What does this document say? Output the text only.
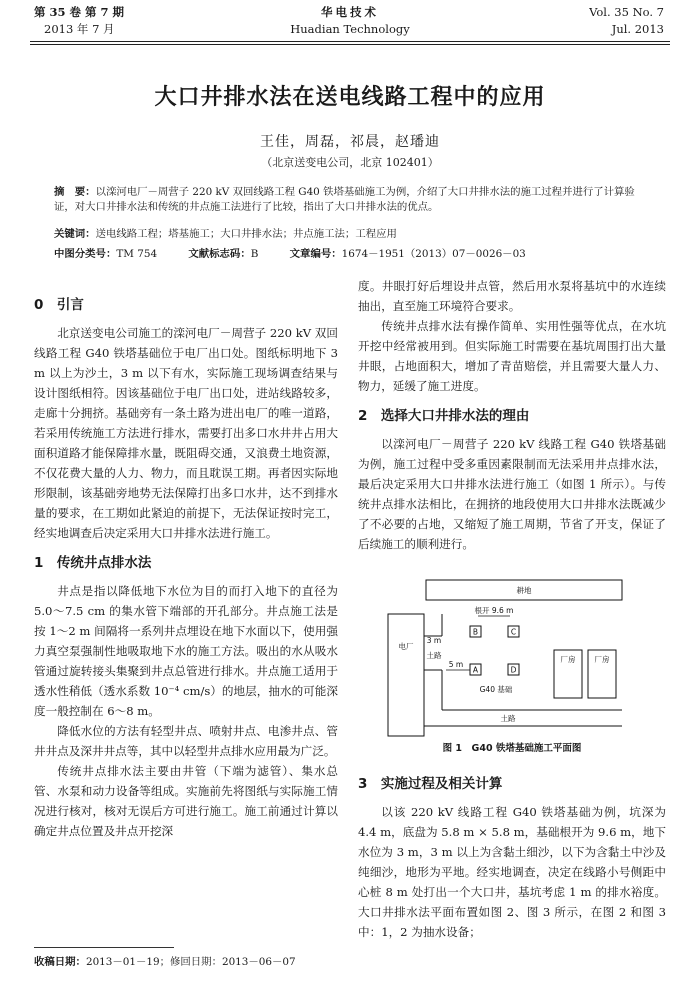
第 35 卷 第 7 期
2013 年 7 月
华电技术
Huadian Technology
Vol. 35 No. 7
Jul. 2013
大口井排水法在送电线路工程中的应用
王佳，周磊，祁晨，赵璠迪
（北京送变电公司，北京 102401）
摘　要：以滦河电厂－周营子 220 kV 双回线路工程 G40 铁塔基础施工为例，介绍了大口井排水法的施工过程并进行了计算验证，对大口井排水法和传统的井点施工法进行了比较，指出了大口井排水法的优点。
关键词：送电线路工程；塔基施工；大口井排水法；井点施工法；工程应用
中图分类号：TM 754	文献标志码：B	文章编号：1674－1951（2013）07－0026－03
0　引言

北京送变电公司施工的滦河电厂－周营子 220 kV 双回线路工程 G40 铁塔基础位于电厂出口处。图纸标明地下 3 m 以上为沙土，3 m 以下有水，实际施工现场调查结果与设计图纸相符。因该基础位于电厂出口处，进站线路较多，走廊十分拥挤。基础旁有一条土路为进出电厂的唯一道路，若采用传统施工方法进行排水，需要打出多口水井井占用大面积道路才能保障排水量，既阻碍交通，又浪费土地资源，不仅花费大量的人力、物力，而且耽误工期。再者因实际地形限制，该基础旁地势无法保障打出多口水井，达不到排水量的要求，在工期如此紧迫的前提下，无法保证按时完工，经实地调查后决定采用大口井排水法进行施工。

1　传统井点排水法

井点是指以降低地下水位为目的而打入地下的直径为 5.0～7.5 cm 的集水管下端部的开孔部分。井点施工法是按 1～2 m 间隔将一系列井点埋设在地下水面以下，使用强力真空泵强制性地吸取地下水的施工方法。吸出的水从吸水管通过旋转接头集聚到井点总管进行排水。井点施工适用于透水性稍低（透水系数 10⁻⁴ cm/s）的地层，抽水的可能深度一般控制在 6～8 m。

降低水位的方法有轻型井点、喷射井点、电渗井点、管井井点及深井井点等，其中以轻型井点排水应用最为广泛。

传统井点排水法主要由井管（下端为滤管）、集水总管、水泵和动力设备等组成。实施前先将图纸与实际施工情况进行核对，核对无误后方可进行施工。施工前通过计算以确定井点位置及井点开挖深

度。井眼打好后埋设井点管，然后用水泵将基坑中的水连续抽出，直至施工环境符合要求。

传统井点排水法有操作简单、实用性强等优点，在水坑开挖中经常被用到。但实际施工时需要在基坑周围打出大量井眼，占地面积大，增加了青苗赔偿，并且需要大量人力、物力，延缓了施工进度。

2　选择大口井排水法的理由

以滦河电厂－周营子 220 kV 线路工程 G40 铁塔基础为例，施工过程中受多重因素限制而无法采用井点排水法，最后决定采用大口井排水法进行施工（如图 1 所示）。与传统井点排水法相比，在拥挤的地段使用大口井排水法既减少了不必要的占地，又缩短了施工周期，节省了开支，保证了后续施工的顺利进行。

耕地
电厂
3 m
土路
根开 9.6 m
B	C
A	D
5 m
厂房	厂房
G40 基础
土路
图 1　G40 铁塔基础施工平面图
3　实施过程及相关计算

以该 220 kV 线路工程 G40 铁塔基础为例，坑深为 4.4 m，底盘为 5.8 m × 5.8 m，基础根开为 9.6 m，地下水位为 3 m，3 m 以上为含黏土细沙，以下为含黏土中沙及纯细沙，地形为平地。经实地调查，决定在线路小号侧距中心桩 8 m 处打出一个大口井，基坑考虑 1 m 的排水裕度。大口井排水法平面布置如图 2、图 3 所示，在图 2 和图 3 中：1，2 为抽水设备；

收稿日期：2013－01－19；修回日期：2013－06－07
